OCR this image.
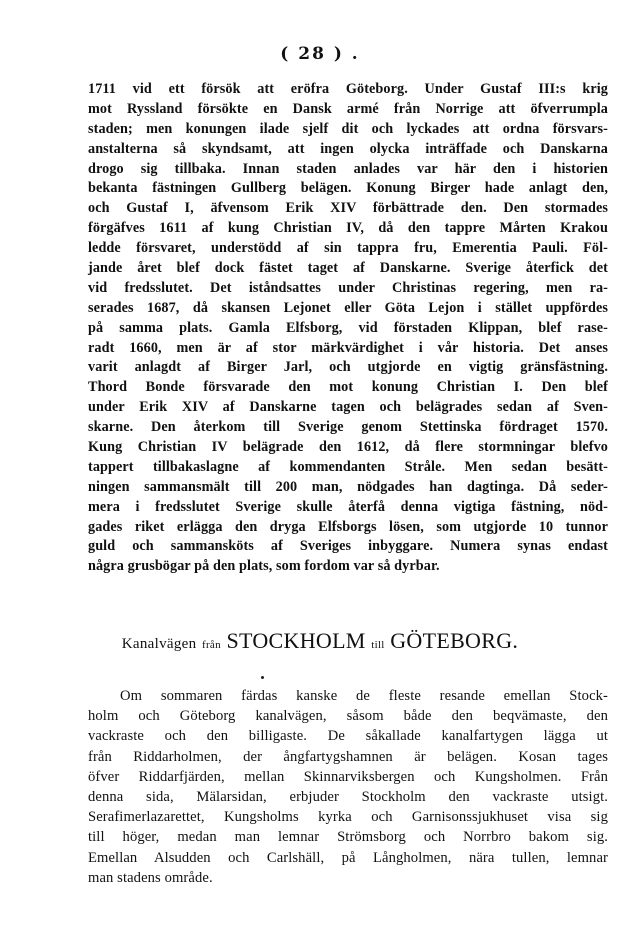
( 28 ) .
1711 vid ett försök att eröfra Göteborg. Under Gustaf III:s krig
mot Ryssland försökte en Dansk armé från Norrige att öfverrumpla
staden; men konungen ilade sjelf dit och lyckades att ordna försvars-
anstalterna så skyndsamt, att ingen olycka inträffade och Danskarna
drogo sig tillbaka. Innan staden anlades var här den i historien
bekanta fästningen Gullberg belägen. Konung Birger hade anlagt den,
och Gustaf I, äfvensom Erik XIV förbättrade den. Den stormades
förgäfves 1611 af kung Christian IV, då den tappre Mårten Krakou
ledde försvaret, understödd af sin tappra fru, Emerentia Pauli. Föl-
jande året blef dock fästet taget af Danskarne. Sverige återfick det
vid fredsslutet. Det iståndsattes under Christinas regering, men ra-
serades 1687, då skansen Lejonet eller Göta Lejon i stället uppfördes
på samma plats. Gamla Elfsborg, vid förstaden Klippan, blef rase-
radt 1660, men är af stor märkvärdighet i vår historia. Det anses
varit anlagdt af Birger Jarl, och utgjorde en vigtig gränsfästning.
Thord Bonde försvarade den mot konung Christian I. Den blef
under Erik XIV af Danskarne tagen och belägrades sedan af Sven-
skarne. Den återkom till Sverige genom Stettinska fördraget 1570.
Kung Christian IV belägrade den 1612, då flere stormningar blefvo
tappert tillbakaslagne af kommendanten Stråle. Men sedan besätt-
ningen sammansmält till 200 man, nödgades han dagtinga. Då seder-
mera i fredsslutet Sverige skulle återfå denna vigtiga fästning, nöd-
gades riket erlägga den dryga Elfsborgs lösen, som utgjorde 10 tunnor
guld och sammansköts af Sveriges inbyggare. Numera synas endast
några grusbögar på den plats, som fordom var så dyrbar.
Kanalvägen från STOCKHOLM till GÖTEBORG.
Om sommaren färdas kanske de fleste resande emellan Stock-
holm och Göteborg kanalvägen, såsom både den beqvämaste, den
vackraste och den billigaste. De såkallade kanalfartygen lägga ut
från Riddarholmen, der ångfartygshamnen är belägen. Kosan tages
öfver Riddarfjärden, mellan Skinnarviksbergen och Kungsholmen. Från
denna sida, Mälarsidan, erbjuder Stockholm den vackraste utsigt.
Serafimerlazarettet, Kungsholms kyrka och Garnisonssjukhuset visa sig
till höger, medan man lemnar Strömsborg och Norrbro bakom sig.
Emellan Alsudden och Carlshäll, på Långholmen, nära tullen, lemnar
man stadens område.
